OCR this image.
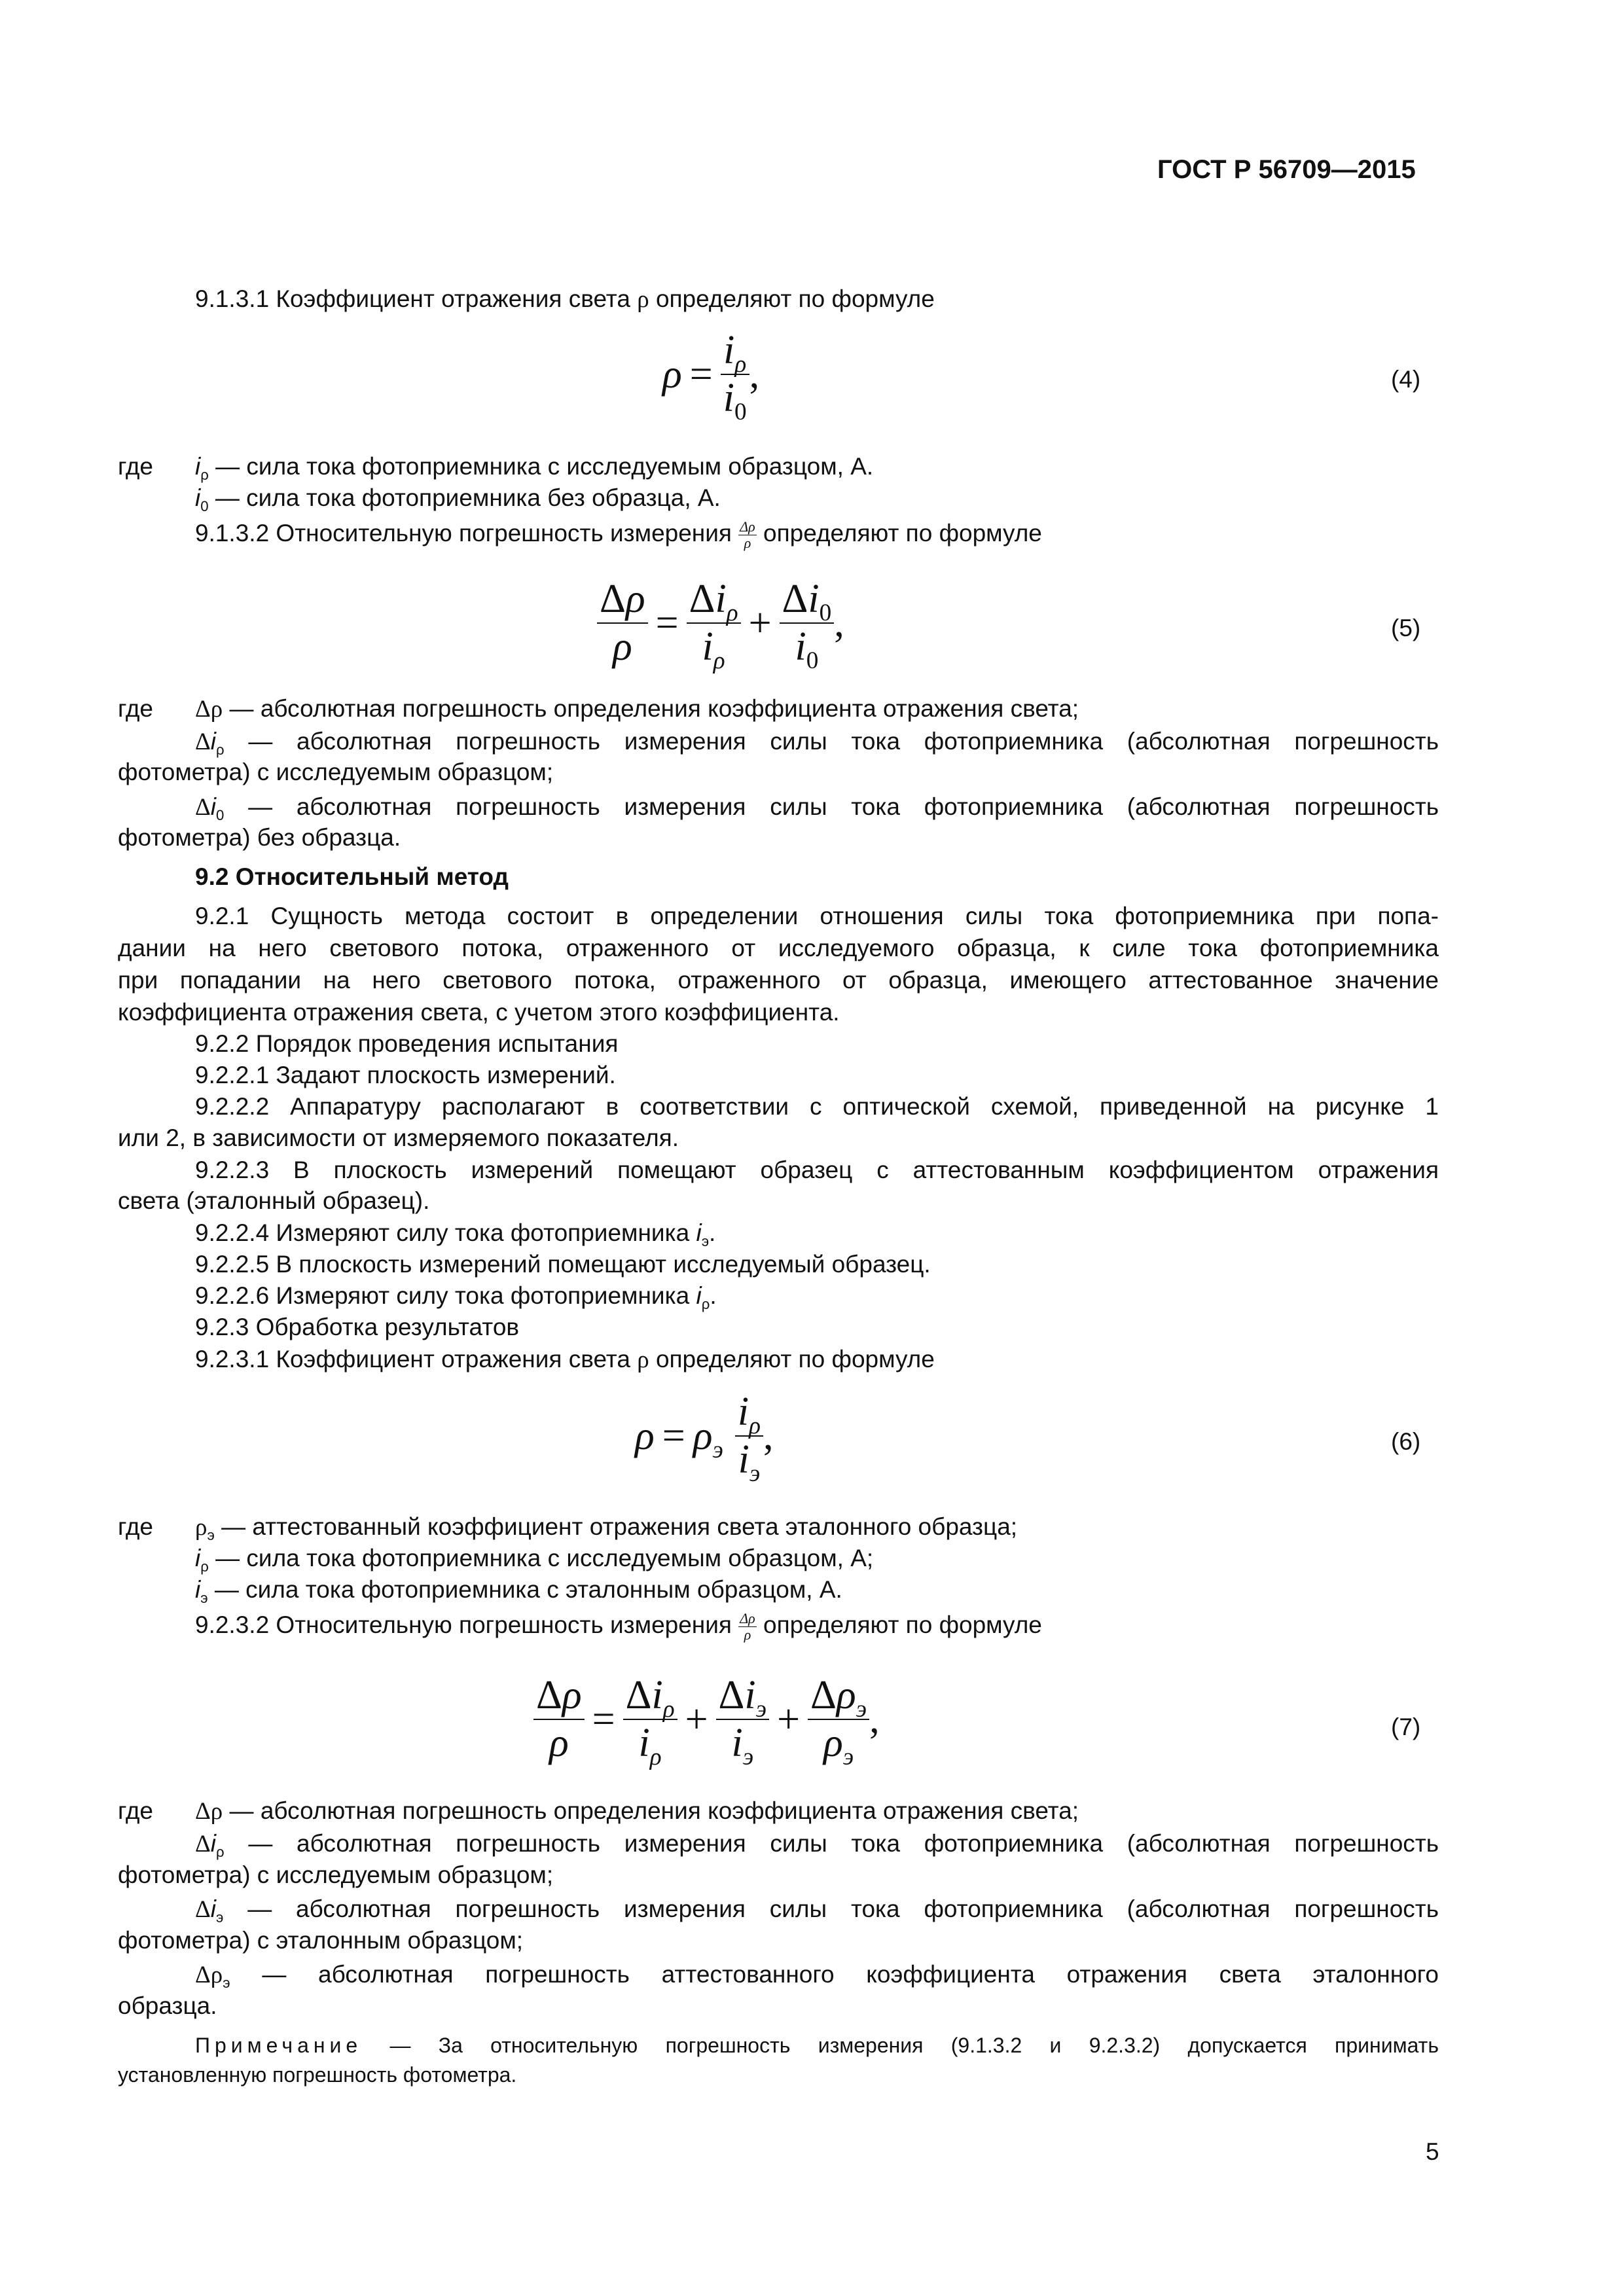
ГОСТ Р 56709—2015
9.1.3.1 Коэффициент отражения света ρ определяют по формуле
$\rho = \frac{i_\rho}{i_0}$ ,	(4)
где $i_\rho$ — сила тока фотоприемника с исследуемым образцом, А.
$i_0$ — сила тока фотоприемника без образца, А.
9.1.3.2 Относительную погрешность измерения $\frac{\Delta\rho}{\rho}$ определяют по формуле
$\frac{\Delta\rho}{\rho} = \frac{\Delta i_\rho}{i_\rho} + \frac{\Delta i_0}{i_0}$ ,	(5)
где Δρ — абсолютная погрешность определения коэффициента отражения света;
$\Delta i_\rho$ — абсолютная погрешность измерения силы тока фотоприемника (абсолютная погрешность
фотометра) с исследуемым образцом;
$\Delta i_0$ — абсолютная погрешность измерения силы тока фотоприемника (абсолютная погрешность
фотометра) без образца.
9.2 Относительный метод
9.2.1 Сущность метода состоит в определении отношения силы тока фотоприемника при попа-
дании на него светового потока, отраженного от исследуемого образца, к силе тока фотоприемника
при попадании на него светового потока, отраженного от образца, имеющего аттестованное значение
коэффициента отражения света, с учетом этого коэффициента.
9.2.2 Порядок проведения испытания
9.2.2.1 Задают плоскость измерений.
9.2.2.2 Аппаратуру располагают в соответствии с оптической схемой, приведенной на рисунке 1
или 2, в зависимости от измеряемого показателя.
9.2.2.3 В плоскость измерений помещают образец с аттестованным коэффициентом отражения
света (эталонный образец).
9.2.2.4 Измеряют силу тока фотоприемника $i_э$.
9.2.2.5 В плоскость измерений помещают исследуемый образец.
9.2.2.6 Измеряют силу тока фотоприемника $i_\rho$.
9.2.3 Обработка результатов
9.2.3.1 Коэффициент отражения света ρ определяют по формуле
$\rho = \rho_э \frac{i_\rho}{i_э}$ ,	(6)
где $\rho_э$ — аттестованный коэффициент отражения света эталонного образца;
$i_\rho$ — сила тока фотоприемника с исследуемым образцом, А;
$i_э$ — сила тока фотоприемника с эталонным образцом, А.
9.2.3.2 Относительную погрешность измерения $\frac{\Delta\rho}{\rho}$ определяют по формуле
$\frac{\Delta\rho}{\rho} = \frac{\Delta i_\rho}{i_\rho} + \frac{\Delta i_э}{i_э} + \frac{\Delta\rho_э}{\rho_э}$ ,	(7)
где Δρ — абсолютная погрешность определения коэффициента отражения света;
$\Delta i_\rho$ — абсолютная погрешность измерения силы тока фотоприемника (абсолютная погрешность
фотометра) с исследуемым образцом;
$\Delta i_э$ — абсолютная погрешность измерения силы тока фотоприемника (абсолютная погрешность
фотометра) с эталонным образцом;
$\Delta\rho_э$ — абсолютная погрешность аттестованного коэффициента отражения света эталонного
образца.
Примечание — За относительную погрешность измерения (9.1.3.2 и 9.2.3.2) допускается принимать
установленную погрешность фотометра.
5
